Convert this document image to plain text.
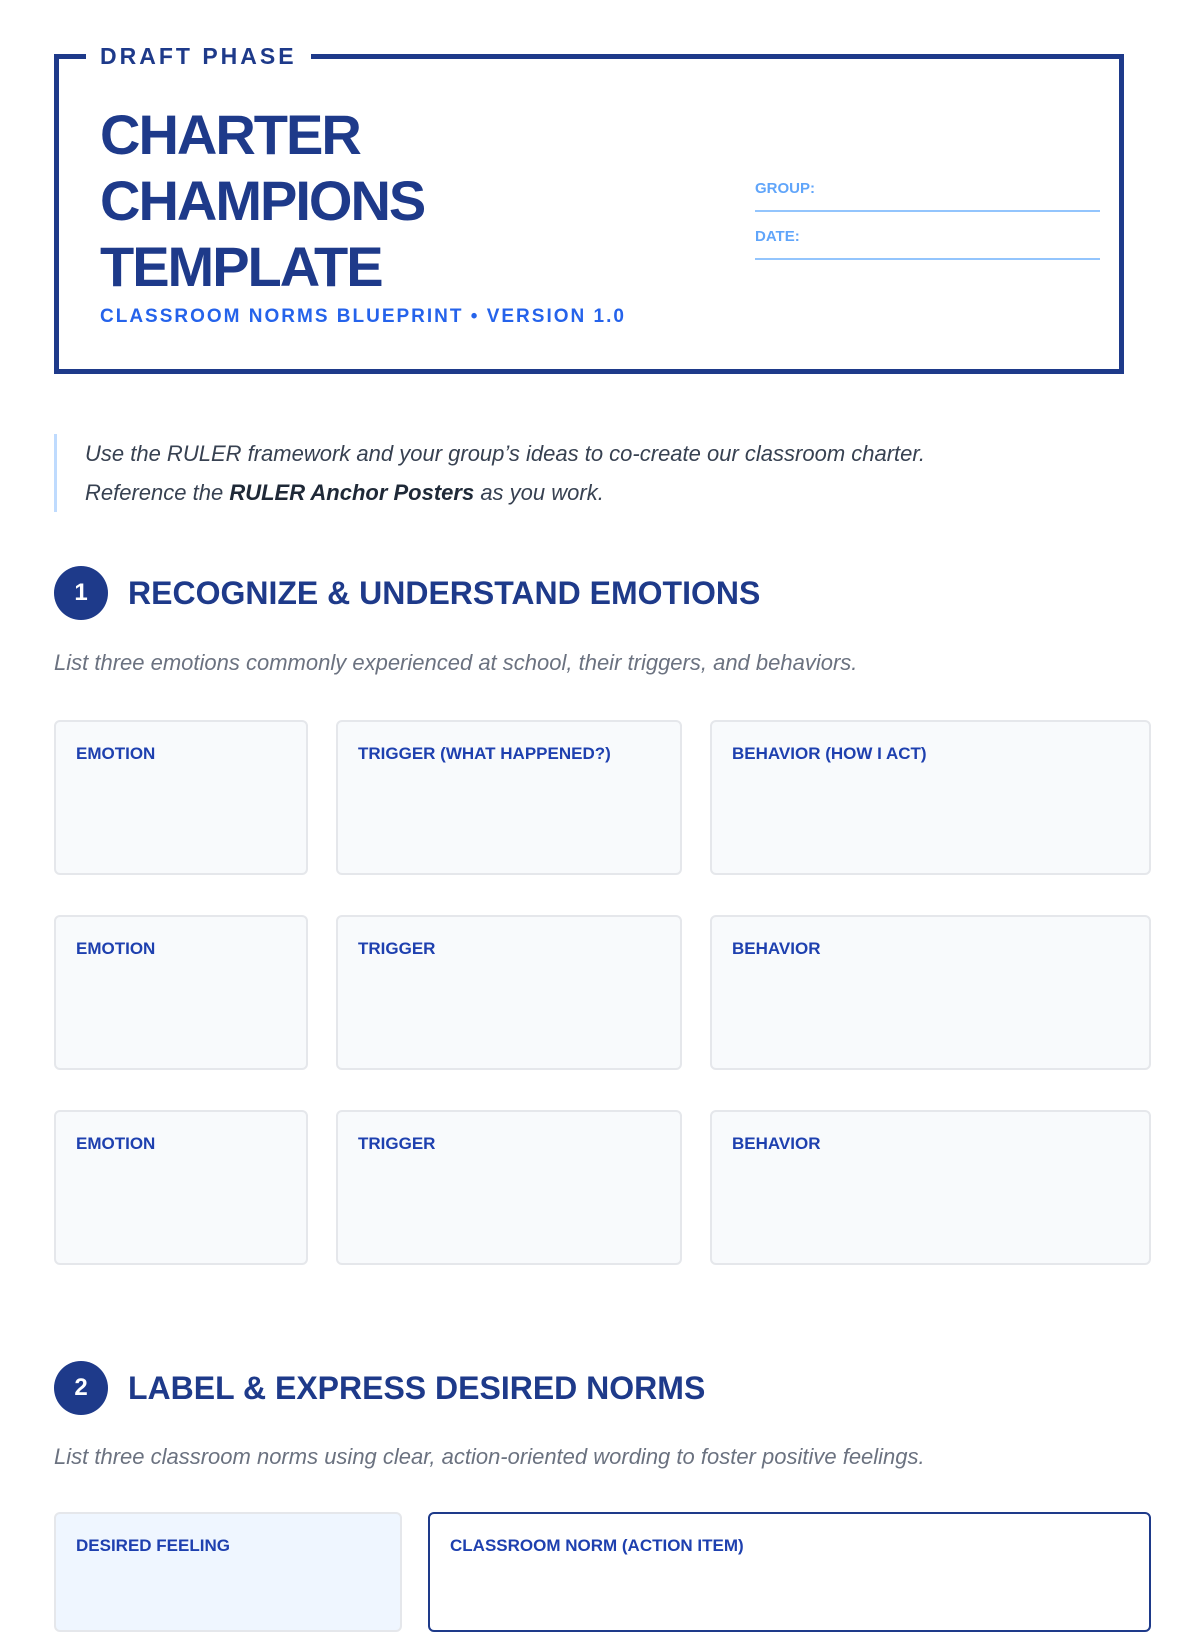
DRAFT PHASE
CHARTER
CHAMPIONS
TEMPLATE
CLASSROOM NORMS BLUEPRINT • VERSION 1.0
GROUP:
DATE:
Use the RULER framework and your group’s ideas to co-create our classroom charter.
Reference the RULER Anchor Posters as you work.
1	RECOGNIZE & UNDERSTAND EMOTIONS
List three emotions commonly experienced at school, their triggers, and behaviors.
EMOTION	TRIGGER (WHAT HAPPENED?)	BEHAVIOR (HOW I ACT)
EMOTION	TRIGGER	BEHAVIOR
EMOTION	TRIGGER	BEHAVIOR
2	LABEL & EXPRESS DESIRED NORMS
List three classroom norms using clear, action-oriented wording to foster positive feelings.
DESIRED FEELING	CLASSROOM NORM (ACTION ITEM)
